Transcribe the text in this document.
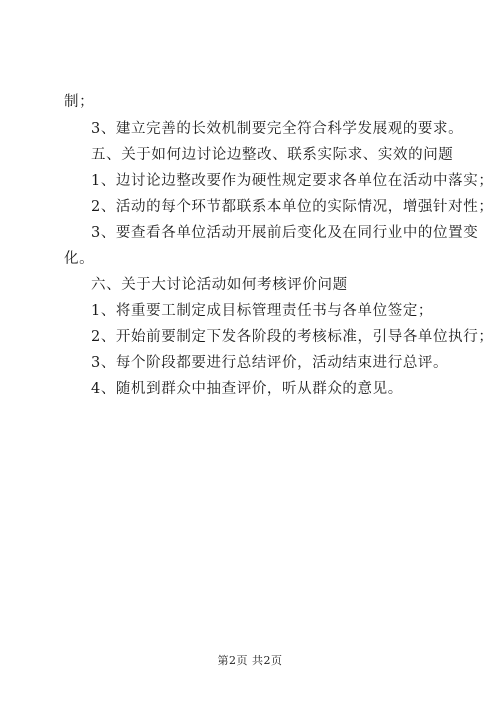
制；
3、建立完善的长效机制要完全符合科学发展观的要求。
五、关于如何边讨论边整改、联系实际求、实效的问题
1、边讨论边整改要作为硬性规定要求各单位在活动中落实；
2、活动的每个环节都联系本单位的实际情况，增强针对性；
3、要查看各单位活动开展前后变化及在同行业中的位置变
化。
六、关于大讨论活动如何考核评价问题
1、将重要工制定成目标管理责任书与各单位签定；
2、开始前要制定下发各阶段的考核标准，引导各单位执行；
3、每个阶段都要进行总结评价，活动结束进行总评。
4、随机到群众中抽查评价，听从群众的意见。
第2页 共2页
